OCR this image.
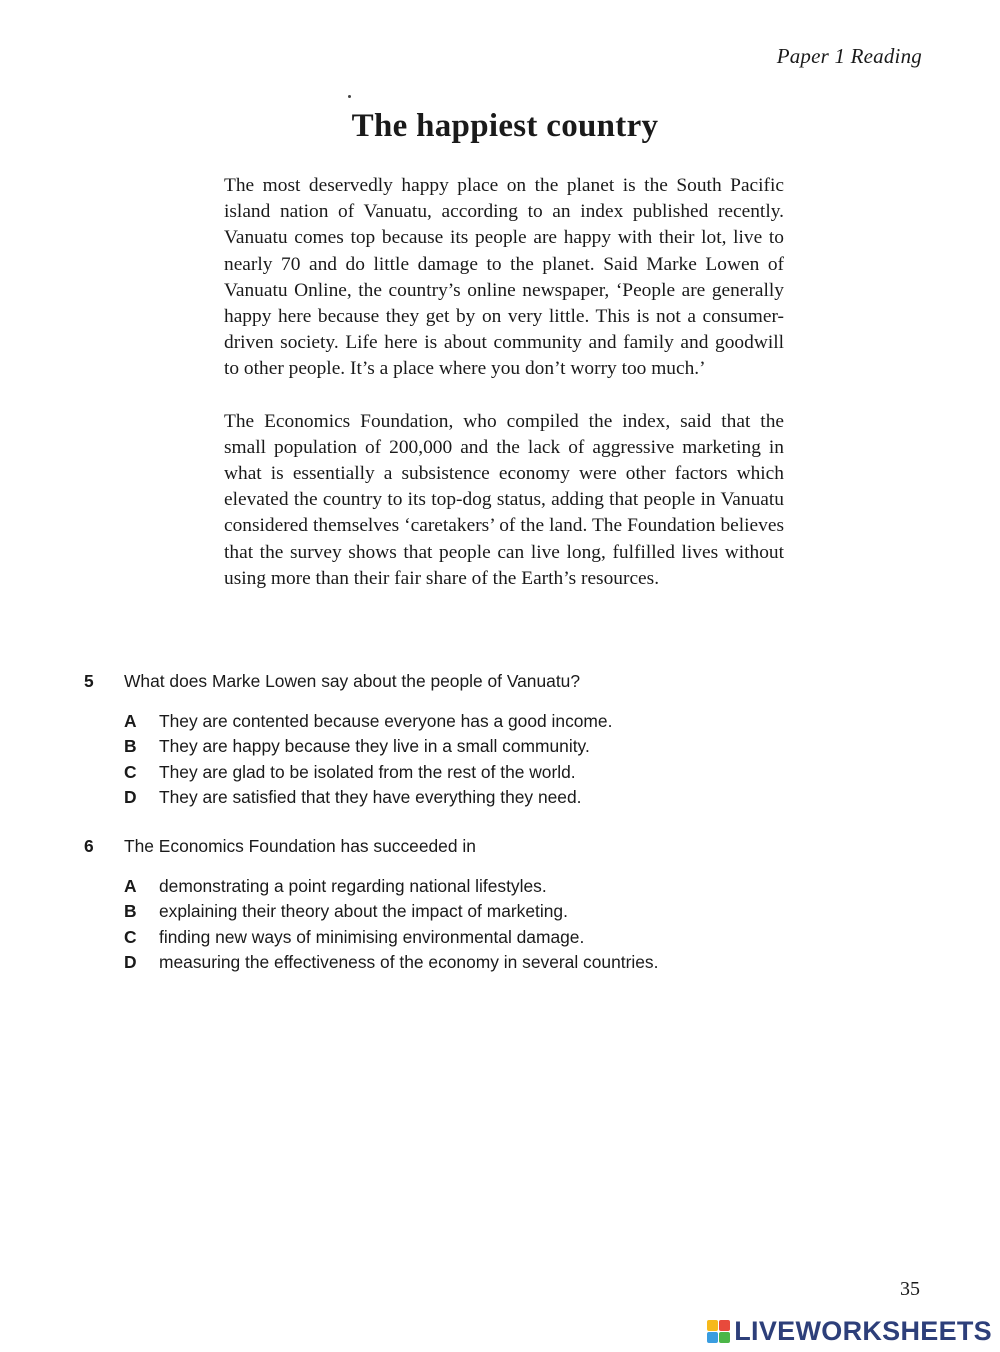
Paper 1 Reading
The happiest country

The most deservedly happy place on the planet is the South Pacific island nation of Vanuatu, according to an index published recently. Vanuatu comes top because its people are happy with their lot, live to nearly 70 and do little damage to the planet. Said Marke Lowen of Vanuatu Online, the country’s online newspaper, ‘People are generally happy here because they get by on very little. This is not a consumer-driven society. Life here is about community and family and goodwill to other people. It’s a place where you don’t worry too much.’

The Economics Foundation, who compiled the index, said that the small population of 200,000 and the lack of aggressive marketing in what is essentially a subsistence economy were other factors which elevated the country to its top-dog status, adding that people in Vanuatu considered themselves ‘caretakers’ of the land. The Foundation believes that the survey shows that people can live long, fulfilled lives without using more than their fair share of the Earth’s resources.

5	What does Marke Lowen say about the people of Vanuatu?
A	They are contented because everyone has a good income.
B	They are happy because they live in a small community.
C	They are glad to be isolated from the rest of the world.
D	They are satisfied that they have everything they need.
6	The Economics Foundation has succeeded in
A	demonstrating a point regarding national lifestyles.
B	explaining their theory about the impact of marketing.
C	finding new ways of minimising environmental damage.
D	measuring the effectiveness of the economy in several countries.
35
LIVEWORKSHEETS
